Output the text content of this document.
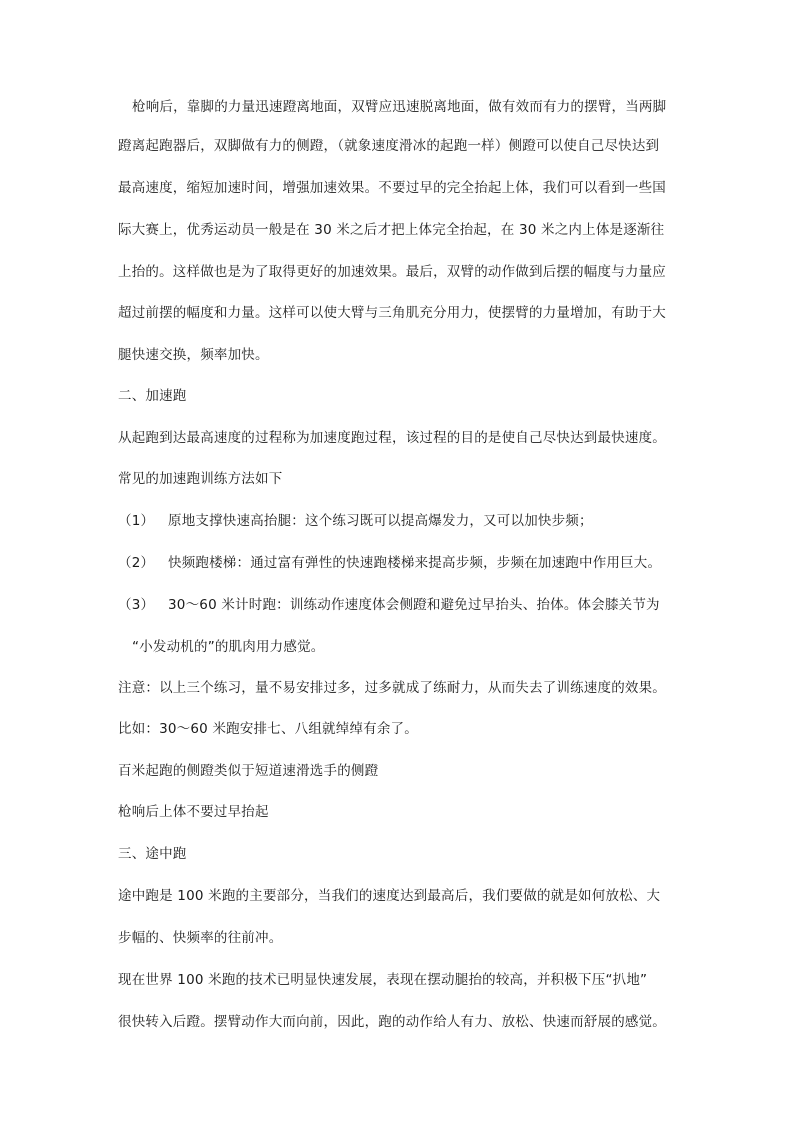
枪响后，靠脚的力量迅速蹬离地面，双臂应迅速脱离地面，做有效而有力的摆臂，当两脚
蹬离起跑器后，双脚做有力的侧蹬，（就象速度滑冰的起跑一样）侧蹬可以使自己尽快达到
最高速度，缩短加速时间，增强加速效果。不要过早的完全抬起上体，我们可以看到一些国
际大赛上，优秀运动员一般是在 30 米之后才把上体完全抬起，在 30 米之内上体是逐渐往
上抬的。这样做也是为了取得更好的加速效果。最后，双臂的动作做到后摆的幅度与力量应
超过前摆的幅度和力量。这样可以使大臂与三角肌充分用力，使摆臂的力量增加，有助于大
腿快速交换，频率加快。
二、加速跑
从起跑到达最高速度的过程称为加速度跑过程，该过程的目的是使自己尽快达到最快速度。
常见的加速跑训练方法如下
（1） 原地支撑快速高抬腿：这个练习既可以提高爆发力，又可以加快步频；
（2） 快频跑楼梯：通过富有弹性的快速跑楼梯来提高步频，步频在加速跑中作用巨大。
（3） 30～60 米计时跑：训练动作速度体会侧蹬和避免过早抬头、抬体。体会膝关节为
“小发动机的”的肌肉用力感觉。
注意：以上三个练习，量不易安排过多，过多就成了练耐力，从而失去了训练速度的效果。
比如：30～60 米跑安排七、八组就绰绰有余了。
百米起跑的侧蹬类似于短道速滑选手的侧蹬
枪响后上体不要过早抬起
三、途中跑
途中跑是 100 米跑的主要部分，当我们的速度达到最高后，我们要做的就是如何放松、大
步幅的、快频率的往前冲。
现在世界 100 米跑的技术已明显快速发展，表现在摆动腿抬的较高，并积极下压“扒地”
很快转入后蹬。摆臂动作大而向前，因此，跑的动作给人有力、放松、快速而舒展的感觉。
